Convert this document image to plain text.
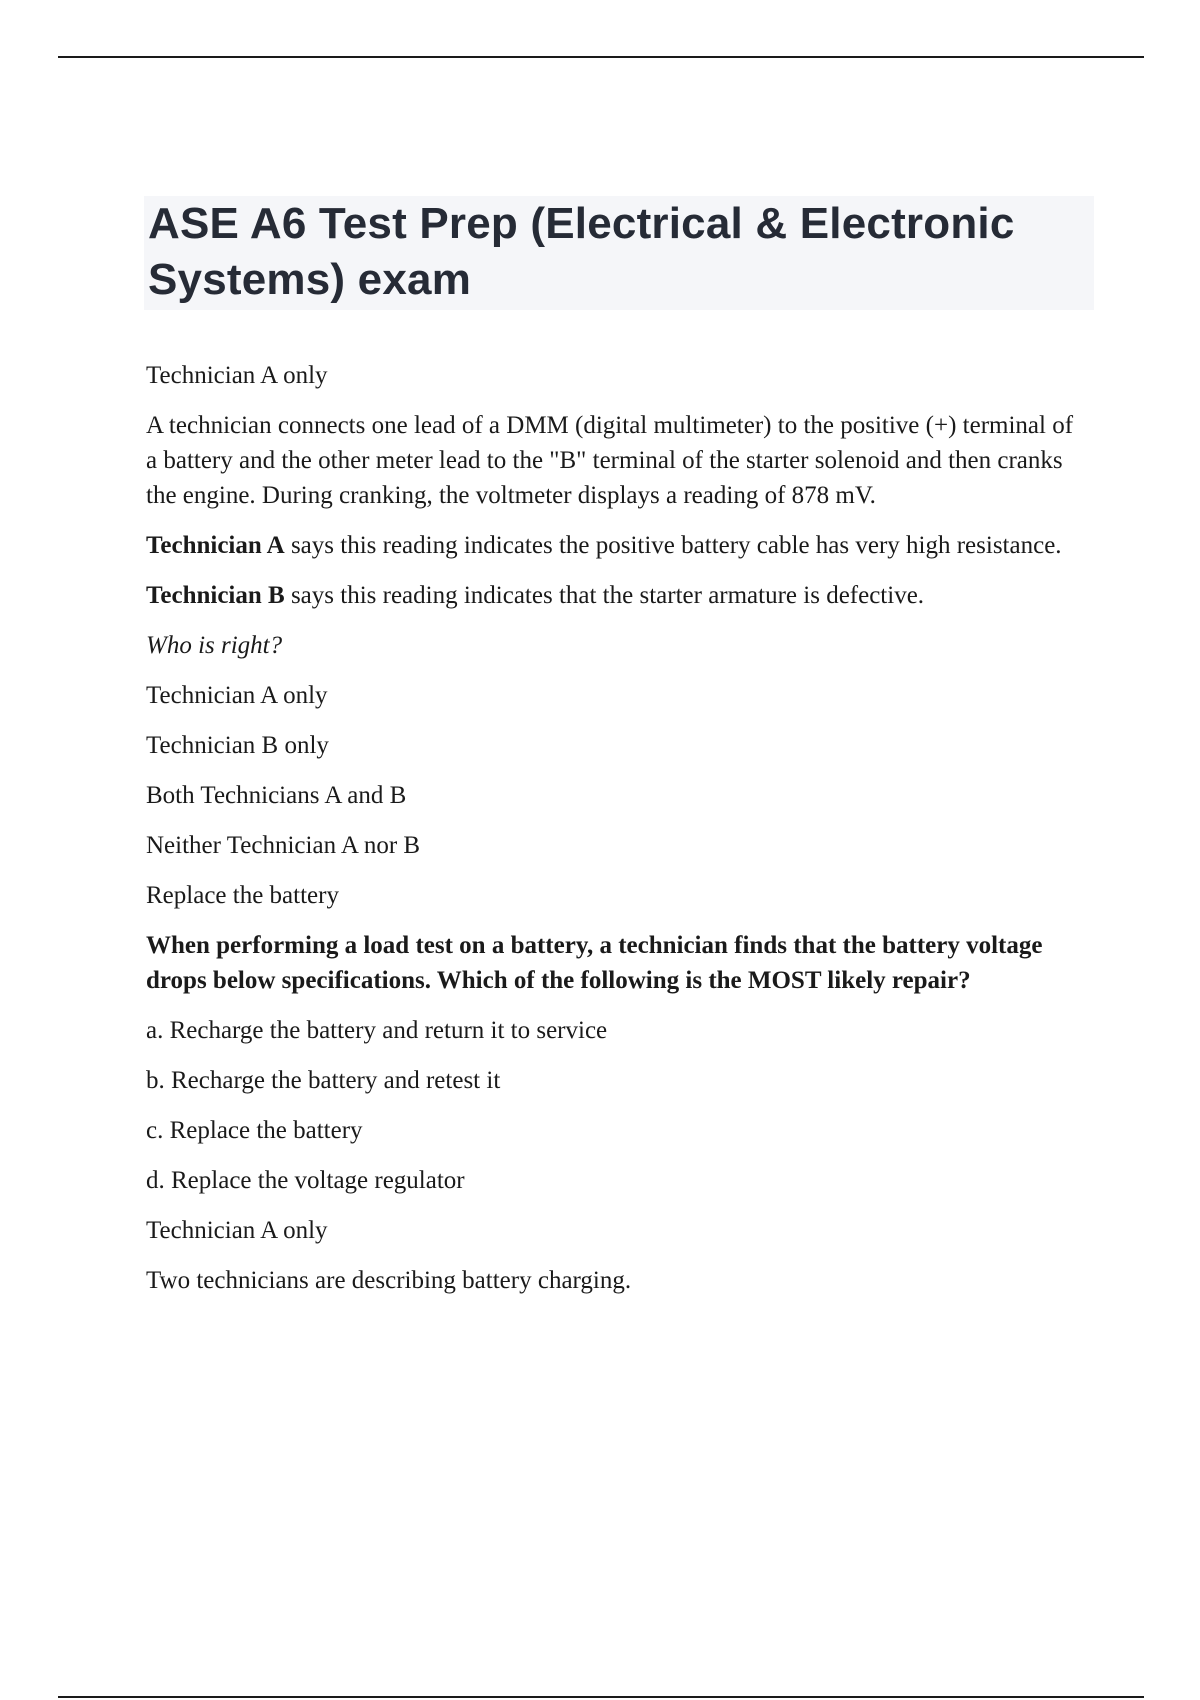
ASE A6 Test Prep (Electrical & Electronic Systems) exam

Technician A only

A technician connects one lead of a DMM (digital multimeter) to the positive (+) terminal of a battery and the other meter lead to the "B" terminal of the starter solenoid and then cranks the engine. During cranking, the voltmeter displays a reading of 878 mV.

Technician A says this reading indicates the positive battery cable has very high resistance.

Technician B says this reading indicates that the starter armature is defective.

Who is right?

Technician A only

Technician B only

Both Technicians A and B

Neither Technician A nor B

Replace the battery

When performing a load test on a battery, a technician finds that the battery voltage drops below specifications. Which of the following is the MOST likely repair?

a. Recharge the battery and return it to service

b. Recharge the battery and retest it

c. Replace the battery

d. Replace the voltage regulator

Technician A only

Two technicians are describing battery charging.
